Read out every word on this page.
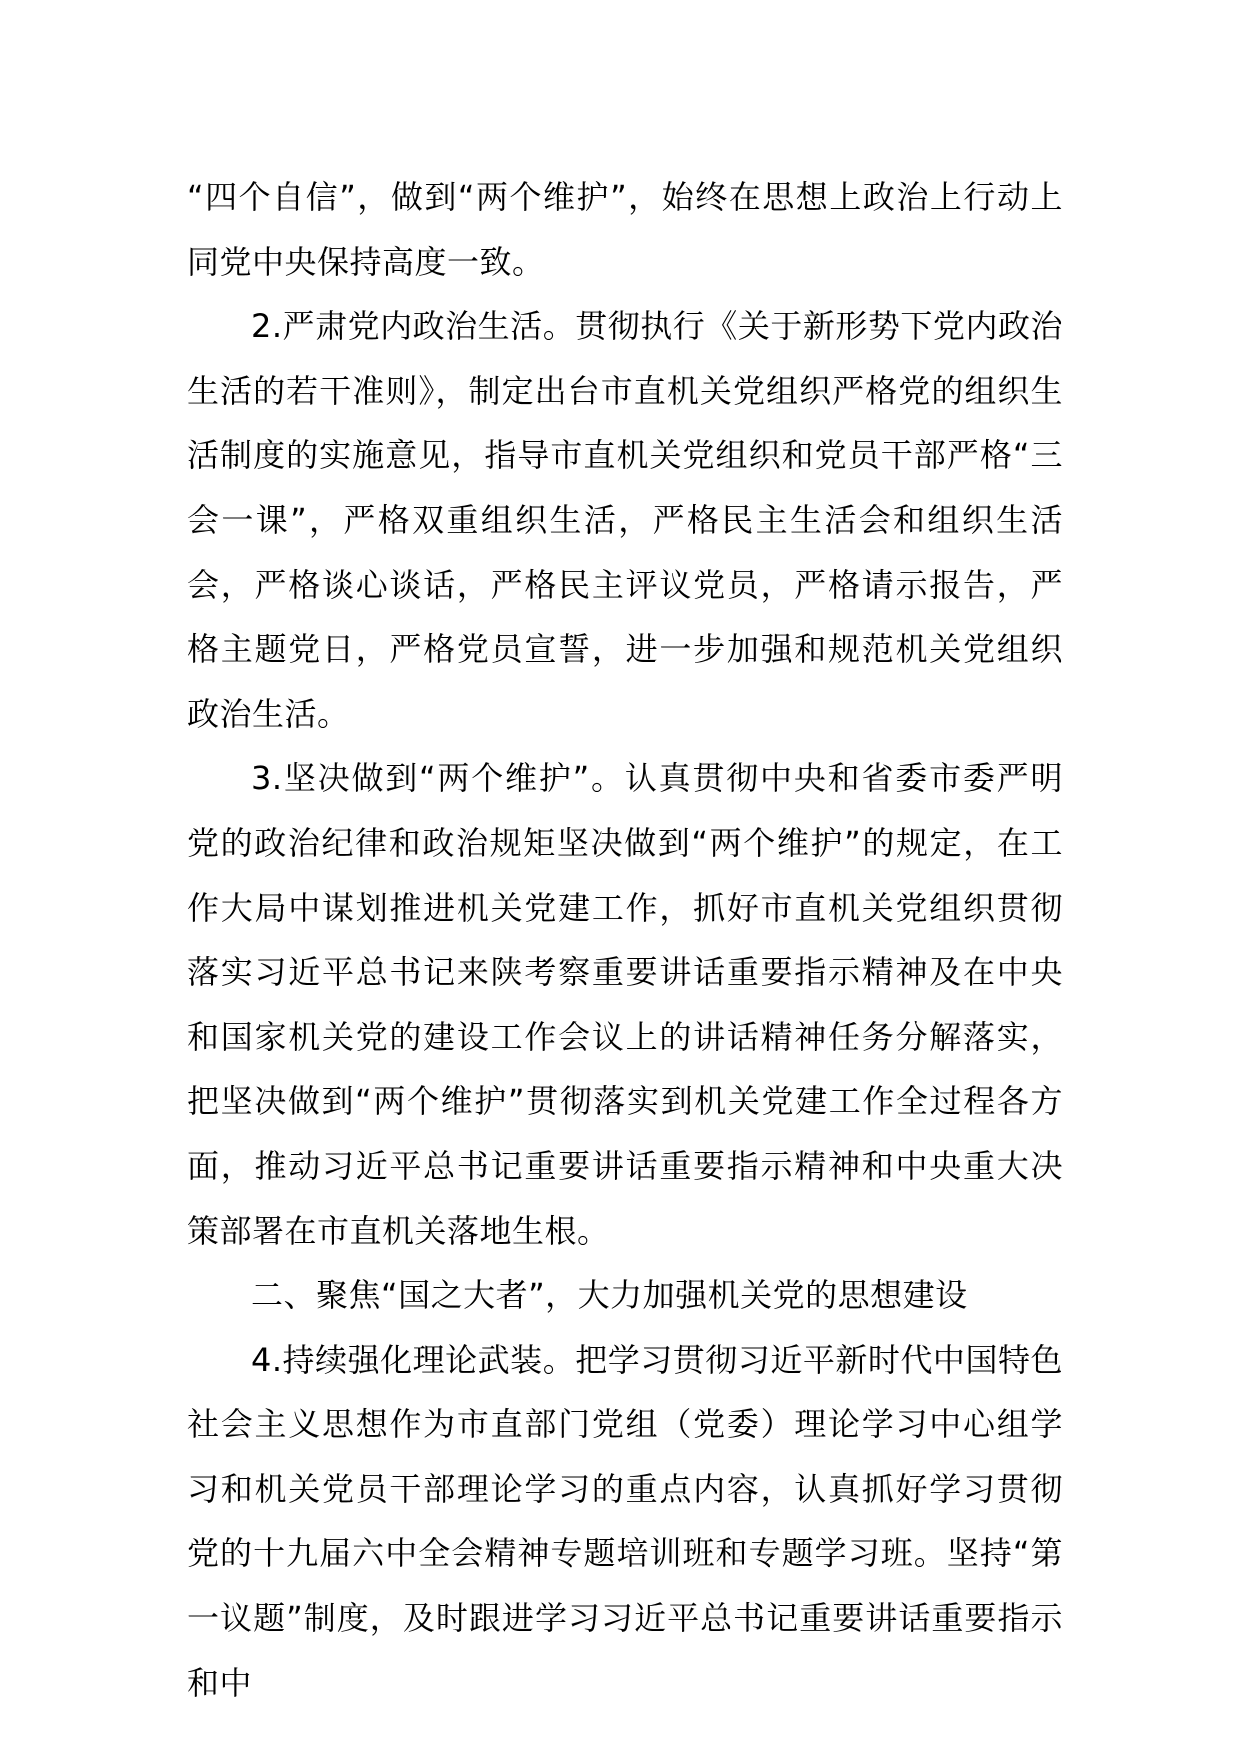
“四个自信”，做到“两个维护”，始终在思想上政治上行动上同党中央保持高度一致。

2.严肃党内政治生活。贯彻执行《关于新形势下党内政治生活的若干准则》，制定出台市直机关党组织严格党的组织生活制度的实施意见，指导市直机关党组织和党员干部严格“三会一课”，严格双重组织生活，严格民主生活会和组织生活会，严格谈心谈话，严格民主评议党员，严格请示报告，严格主题党日，严格党员宣誓，进一步加强和规范机关党组织政治生活。

3.坚决做到“两个维护”。认真贯彻中央和省委市委严明党的政治纪律和政治规矩坚决做到“两个维护”的规定，在工作大局中谋划推进机关党建工作，抓好市直机关党组织贯彻落实习近平总书记来陕考察重要讲话重要指示精神及在中央和国家机关党的建设工作会议上的讲话精神任务分解落实，把坚决做到“两个维护”贯彻落实到机关党建工作全过程各方面，推动习近平总书记重要讲话重要指示精神和中央重大决策部署在市直机关落地生根。

二、聚焦“国之大者”，大力加强机关党的思想建设

4.持续强化理论武装。把学习贯彻习近平新时代中国特色社会主义思想作为市直部门党组（党委）理论学习中心组学习和机关党员干部理论学习的重点内容，认真抓好学习贯彻党的十九届六中全会精神专题培训班和专题学习班。坚持“第一议题”制度，及时跟进学习习近平总书记重要讲话重要指示和中
